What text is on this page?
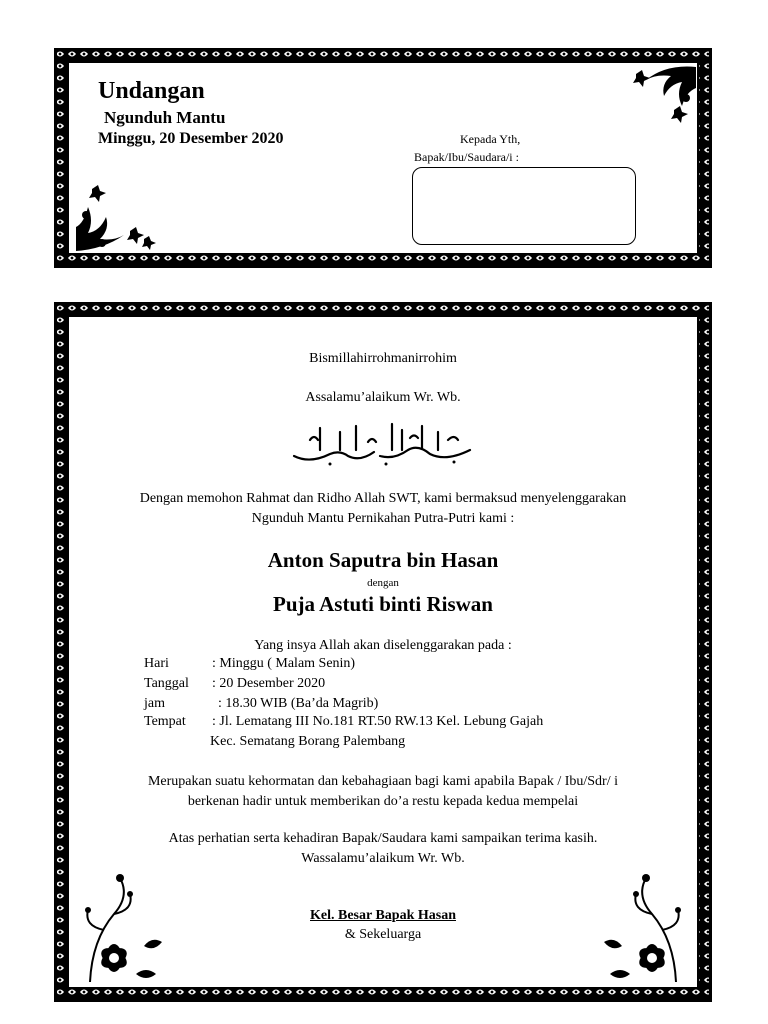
Undangan
Ngunduh Mantu
Minggu, 20 Desember 2020	Kepada Yth,
Bapak/Ibu/Saudara/i :
Bismillahirrohmanirrohim
Assalamu’alaikum Wr. Wb.
Dengan memohon Rahmat dan Ridho Allah SWT, kami bermaksud menyelenggarakan
Ngunduh Mantu Pernikahan Putra-Putri kami :
Anton Saputra bin Hasan
dengan
Puja Astuti binti Riswan
Yang insya Allah akan diselenggarakan pada :
Hari	: Minggu ( Malam Senin)
Tanggal : 20 Desember 2020
jam	: 18.30 WIB (Ba’da Magrib)
Tempat : Jl. Lematang III No.181 RT.50 RW.13 Kel. Lebung Gajah
Kec. Sematang Borang Palembang
Merupakan suatu kehormatan dan kebahagiaan bagi kami apabila Bapak / Ibu/Sdr/ i
berkenan hadir untuk memberikan do’a restu kepada kedua mempelai
Atas perhatian serta kehadiran Bapak/Saudara kami sampaikan terima kasih.
Wassalamu’alaikum Wr. Wb.
Kel. Besar Bapak Hasan
& Sekeluarga
